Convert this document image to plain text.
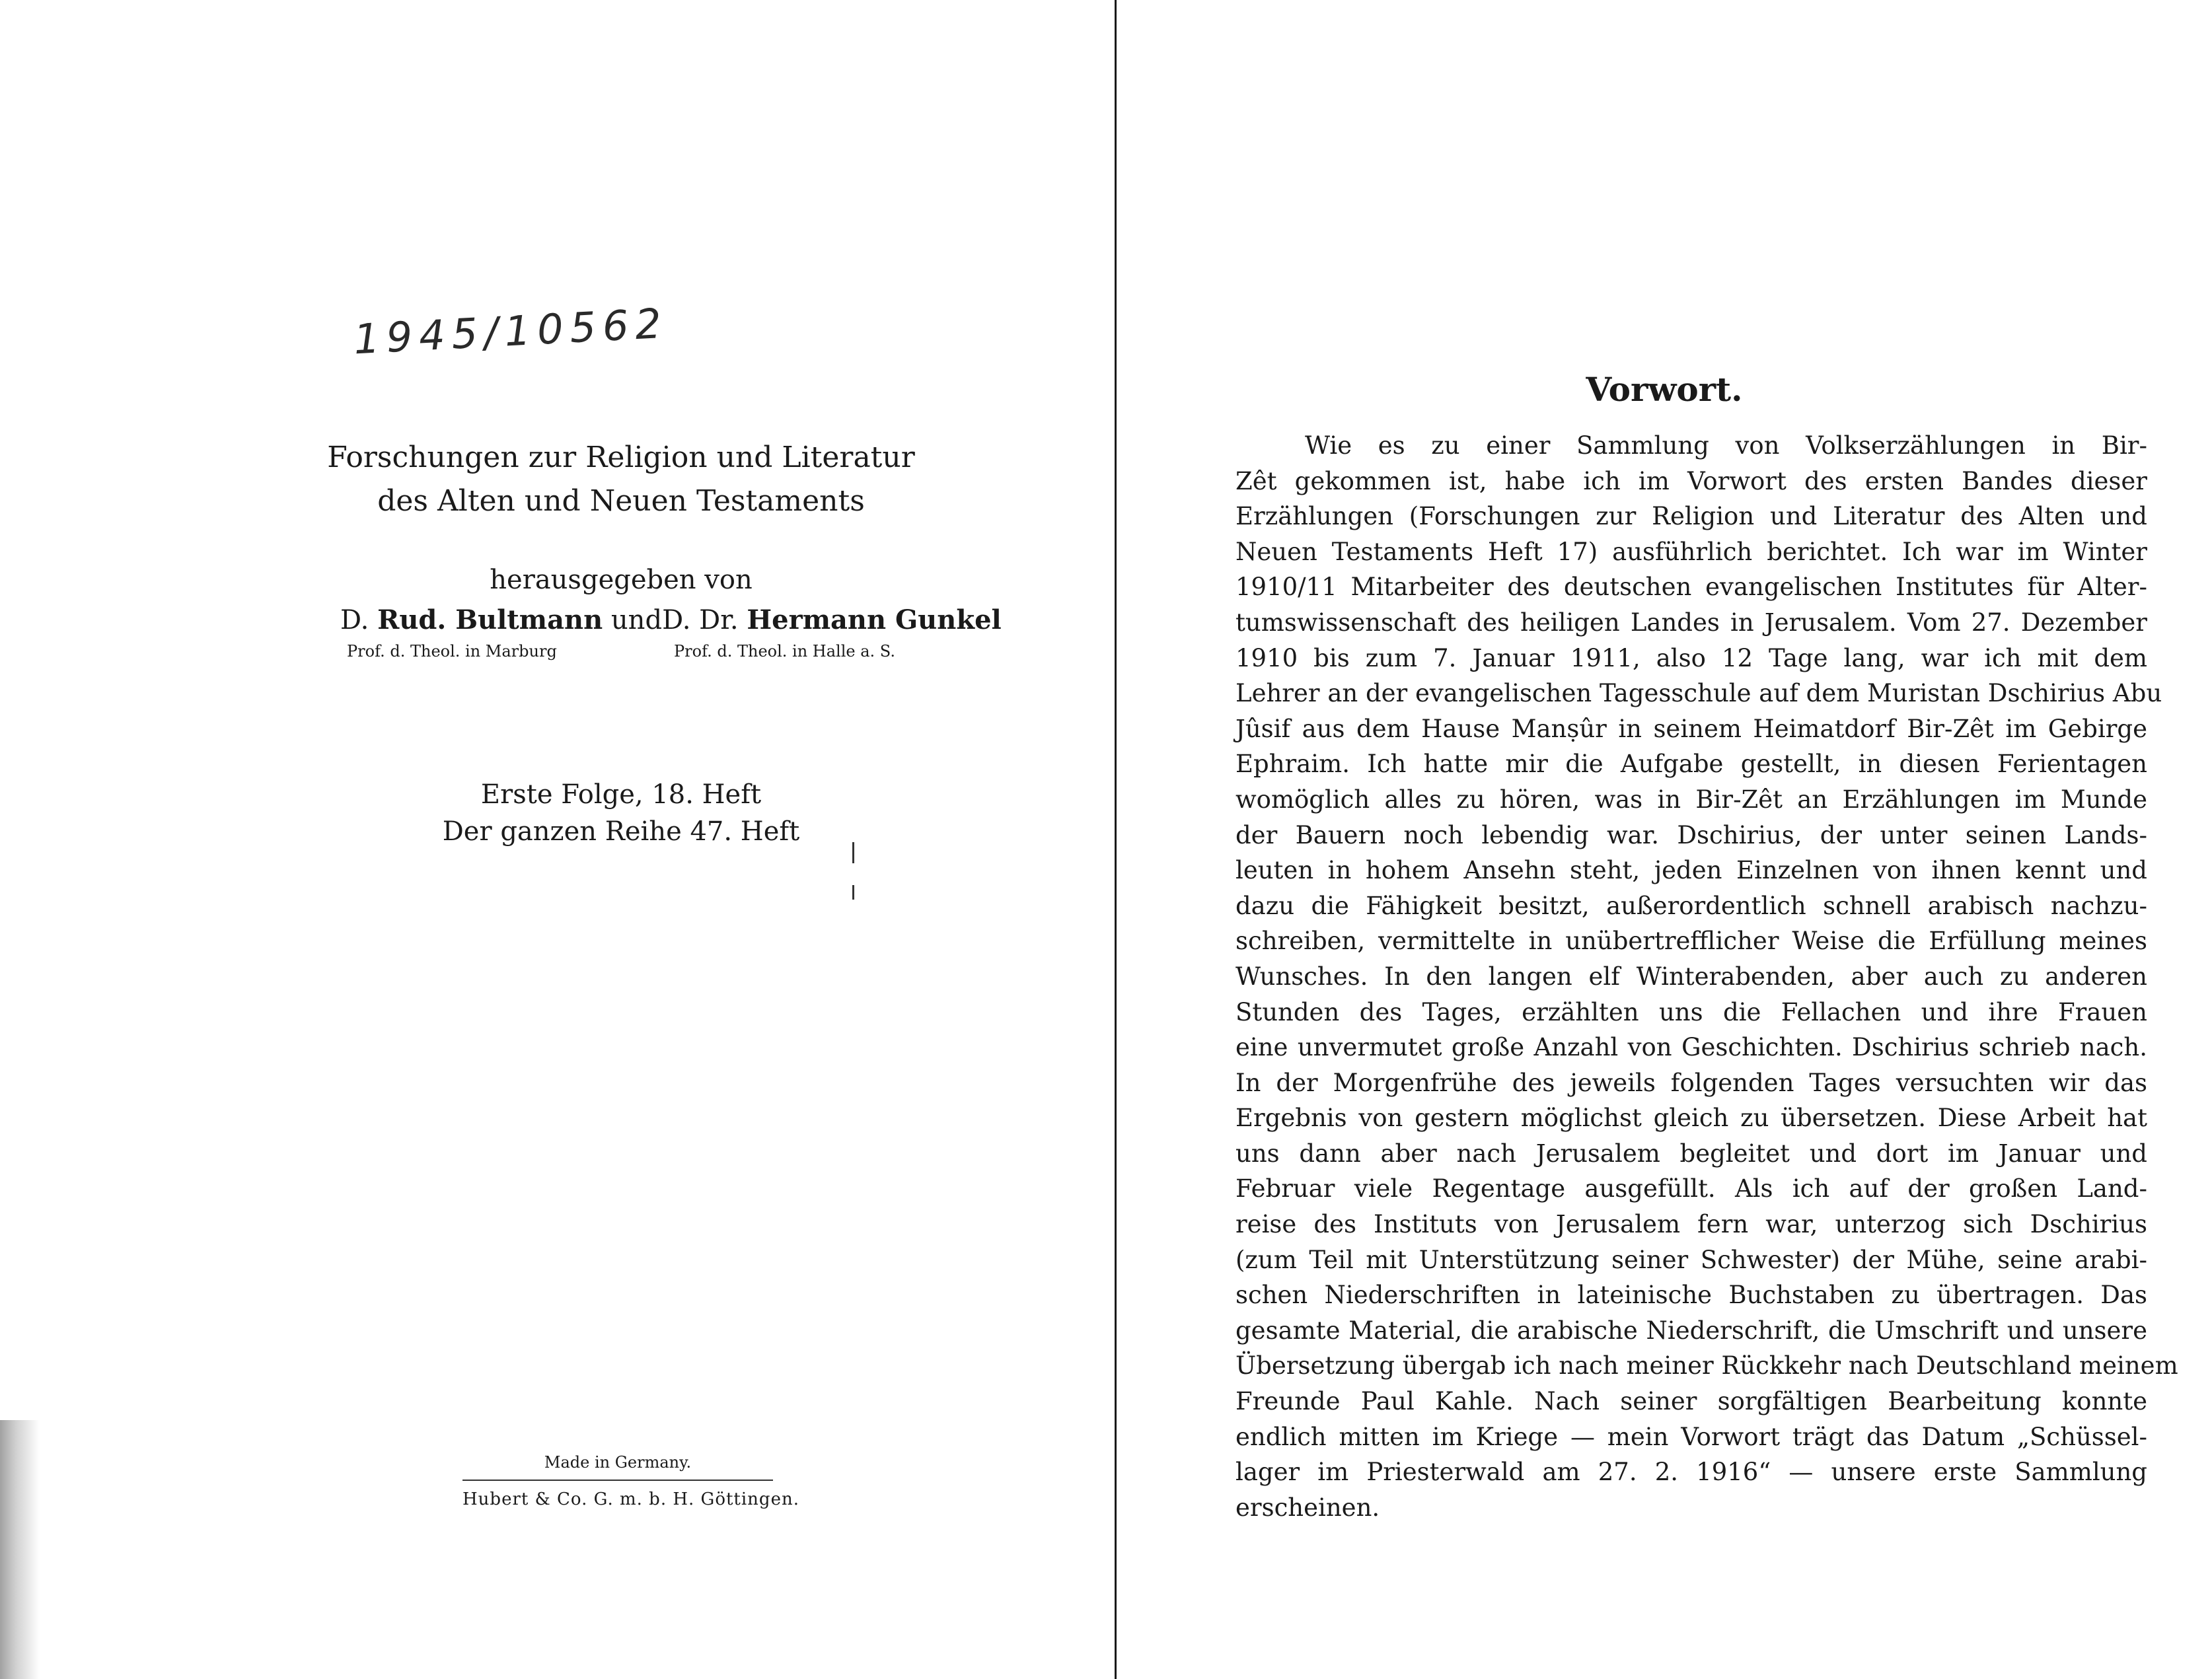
1945/10562
Forschungen zur Religion und Literatur
des Alten und Neuen Testaments
herausgegeben von
D. Rud. Bultmann und D. Dr. Hermann Gunkel
Prof. d. Theol. in Marburg	Prof. d. Theol. in Halle a. S.
Erste Folge, 18. Heft
Der ganzen Reihe 47. Heft
Made in Germany.
Hubert & Co. G. m. b. H. Göttingen.
Vorwort.
Wie es zu einer Sammlung von Volkserzählungen in Bir-
Zêt gekommen ist, habe ich im Vorwort des ersten Bandes dieser
Erzählungen (Forschungen zur Religion und Literatur des Alten und
Neuen Testaments Heft 17) ausführlich berichtet. Ich war im Winter
1910/11 Mitarbeiter des deutschen evangelischen Institutes für Alter-
tumswissenschaft des heiligen Landes in Jerusalem. Vom 27. Dezember
1910 bis zum 7. Januar 1911, also 12 Tage lang, war ich mit dem
Lehrer an der evangelischen Tagesschule auf dem Muristan Dschirius Abu
Jûsif aus dem Hause Manṣûr in seinem Heimatdorf Bir-Zêt im Gebirge
Ephraim. Ich hatte mir die Aufgabe gestellt, in diesen Ferientagen
womöglich alles zu hören, was in Bir-Zêt an Erzählungen im Munde
der Bauern noch lebendig war. Dschirius, der unter seinen Lands-
leuten in hohem Ansehn steht, jeden Einzelnen von ihnen kennt und
dazu die Fähigkeit besitzt, außerordentlich schnell arabisch nachzu-
schreiben, vermittelte in unübertrefflicher Weise die Erfüllung meines
Wunsches. In den langen elf Winterabenden, aber auch zu anderen
Stunden des Tages, erzählten uns die Fellachen und ihre Frauen
eine unvermutet große Anzahl von Geschichten. Dschirius schrieb nach.
In der Morgenfrühe des jeweils folgenden Tages versuchten wir das
Ergebnis von gestern möglichst gleich zu übersetzen. Diese Arbeit hat
uns dann aber nach Jerusalem begleitet und dort im Januar und
Februar viele Regentage ausgefüllt. Als ich auf der großen Land-
reise des Instituts von Jerusalem fern war, unterzog sich Dschirius
(zum Teil mit Unterstützung seiner Schwester) der Mühe, seine arabi-
schen Niederschriften in lateinische Buchstaben zu übertragen. Das
gesamte Material, die arabische Niederschrift, die Umschrift und unsere
Übersetzung übergab ich nach meiner Rückkehr nach Deutschland meinem
Freunde Paul Kahle. Nach seiner sorgfältigen Bearbeitung konnte
endlich mitten im Kriege — mein Vorwort trägt das Datum „Schüssel-
lager im Priesterwald am 27. 2. 1916“ — unsere erste Sammlung
erscheinen.
